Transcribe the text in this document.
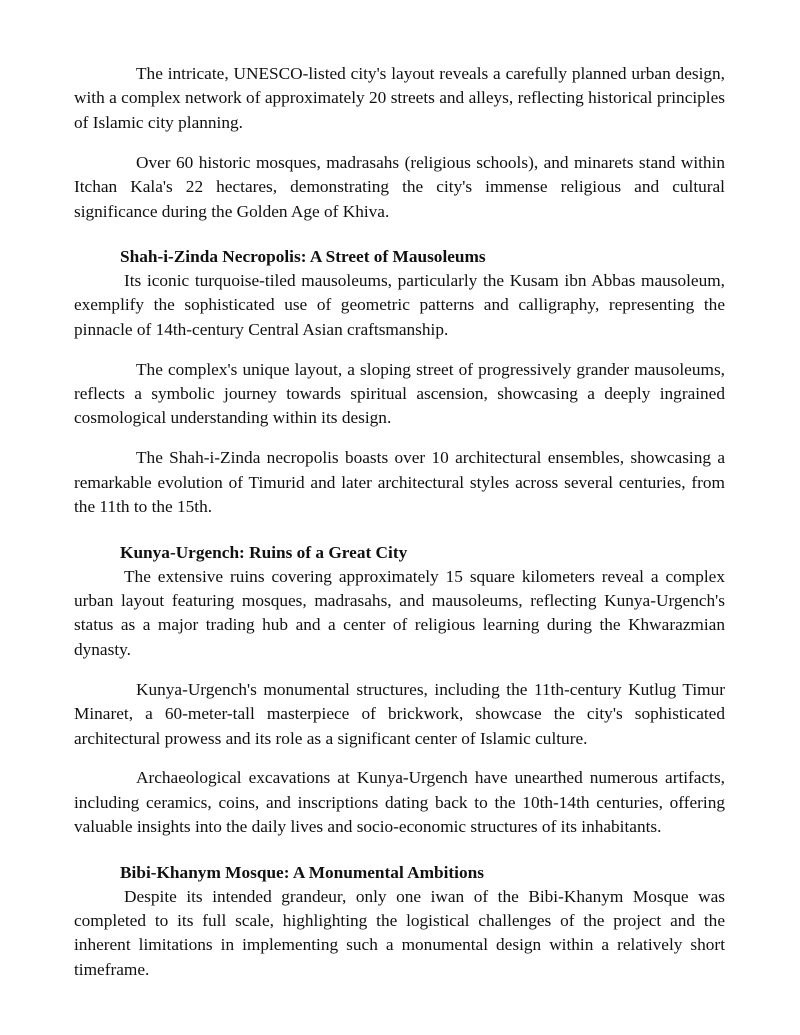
The intricate, UNESCO-listed city's layout reveals a carefully planned urban design, with a complex network of approximately 20 streets and alleys, reflecting historical principles of Islamic city planning.

Over 60 historic mosques, madrasahs (religious schools), and minarets stand within Itchan Kala's 22 hectares, demonstrating the city's immense religious and cultural significance during the Golden Age of Khiva.

Shah-i-Zinda Necropolis: A Street of Mausoleums

Its iconic turquoise-tiled mausoleums, particularly the Kusam ibn Abbas mausoleum, exemplify the sophisticated use of geometric patterns and calligraphy, representing the pinnacle of 14th-century Central Asian craftsmanship.

The complex's unique layout, a sloping street of progressively grander mausoleums, reflects a symbolic journey towards spiritual ascension, showcasing a deeply ingrained cosmological understanding within its design.

The Shah-i-Zinda necropolis boasts over 10 architectural ensembles, showcasing a remarkable evolution of Timurid and later architectural styles across several centuries, from the 11th to the 15th.

Kunya-Urgench: Ruins of a Great City

The extensive ruins covering approximately 15 square kilometers reveal a complex urban layout featuring mosques, madrasahs, and mausoleums, reflecting Kunya-Urgench's status as a major trading hub and a center of religious learning during the Khwarazmian dynasty.

Kunya-Urgench's monumental structures, including the 11th-century Kutlug Timur Minaret, a 60-meter-tall masterpiece of brickwork, showcase the city's sophisticated architectural prowess and its role as a significant center of Islamic culture.

Archaeological excavations at Kunya-Urgench have unearthed numerous artifacts, including ceramics, coins, and inscriptions dating back to the 10th-14th centuries, offering valuable insights into the daily lives and socio-economic structures of its inhabitants.

Bibi-Khanym Mosque: A Monumental Ambitions

Despite its intended grandeur, only one iwan of the Bibi-Khanym Mosque was completed to its full scale, highlighting the logistical challenges of the project and the inherent limitations in implementing such a monumental design within a relatively short timeframe.
